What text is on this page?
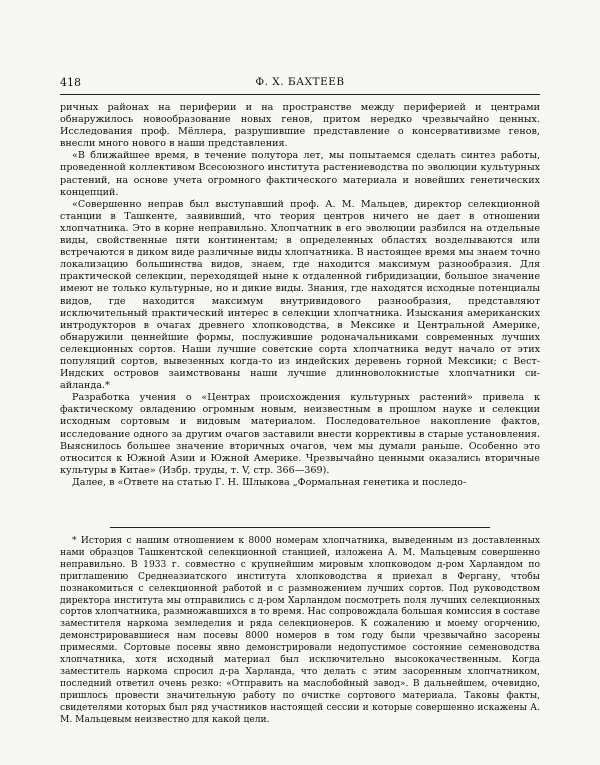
418	Ф. Х. БАХТЕЕВ

ричных районах на периферии и на пространстве между периферией и центрами обнаружилось новообразование новых генов, притом нередко чрезвычайно ценных. Исследования проф. Мёллера, разрушившие представление о консервативизме генов, внесли много нового в наши представления.

«В ближайшее время, в течение полутора лет, мы попытаемся сделать синтез работы, проведенной коллективом Всесоюзного института растениеводства по эволюции культурных растений, на основе учета огромного фактического материала и новейших генетических концепций.

«Совершенно неправ был выступавший проф. А. М. Мальцев, директор селекционной станции в Ташкенте, заявивший, что теория центров ничего не дает в отношении хлопчатника. Это в корне неправильно. Хлопчатник в его эволюции разбился на отдельные виды, свойственные пяти континентам; в определенных областях возделываются или встречаются в диком виде различные виды хлопчатника. В настоящее время мы знаем точно локализацию большинства видов, знаем, где находится максимум разнообразия. Для практической селекции, переходящей ныне к отдаленной гибридизации, большое значение имеют не только культурные, но и дикие виды. Знания, где находятся исходные потенциалы видов, где находится максимум внутривидового разнообразия, представляют исключительный практический интерес в селекции хлопчатника. Изыскания американских интродукторов в очагах древнего хлопководства, в Мексике и Центральной Америке, обнаружили ценнейшие формы, послужившие родоначальниками современных лучших селекционных сортов. Наши лучшие советские сорта хлопчатника ведут начало от этих популяций сортов, вывезенных когда-то из индейских деревень горной Мексики; с Вест-Индских островов заимствованы наши лучшие длинноволокнистые хлопчатники си-айланда.*

Разработка учения о «Центрах происхождения культурных растений» привела к фактическому овладению огромным новым, неизвестным в прошлом науке и селекции исходным сортовым и видовым материалом. Последовательное накопление фактов, исследование одного за другим очагов заставили внести коррективы в старые установления. Выяснилось большее значение вторичных очагов, чем мы думали раньше. Особенно это относится к Южной Азии и Южной Америке. Чрезвычайно ценными оказались вторичные культуры в Китае» (Избр. труды, т. V, стр. 366—369).

Далее, в «Ответе на статью Г. Н. Шлыкова „Формальная генетика и последо-

* История с нашим отношением к 8000 номерам хлопчатника, выведенным из доставленных нами образцов Ташкентской селекционной станцией, изложена А. М. Мальцевым совершенно неправильно. В 1933 г. совместно с крупнейшим мировым хлопководом д-ром Харландом по приглашению Среднеазиатского института хлопководства я приехал в Фергану, чтобы познакомиться с селекционной работой и с размножением лучших сортов. Под руководством директора института мы отправились с д-ром Харландом посмотреть поля лучших селекционных сортов хлопчатника, размножавшихся в то время. Нас сопровождала большая комиссия в составе заместителя наркома земледелия и ряда селекционеров. К сожалению и моему огорчению, демонстрировавшиеся нам посевы 8000 номеров в том году были чрезвычайно засорены примесями. Сортовые посевы явно демонстрировали недопустимое состояние семеноводства хлопчатника, хотя исходный материал был исключительно высококачественным. Когда заместитель наркома спросил д-ра Харланда, что делать с этим засоренным хлопчатником, последний ответил очень резко: «Отправить на маслобойный завод». В дальнейшем, очевидно, пришлось провести значительную работу по очистке сортового материала. Таковы факты, свидетелями которых был ряд участников настоящей сессии и которые совершенно искажены А. М. Мальцевым неизвестно для какой цели.
